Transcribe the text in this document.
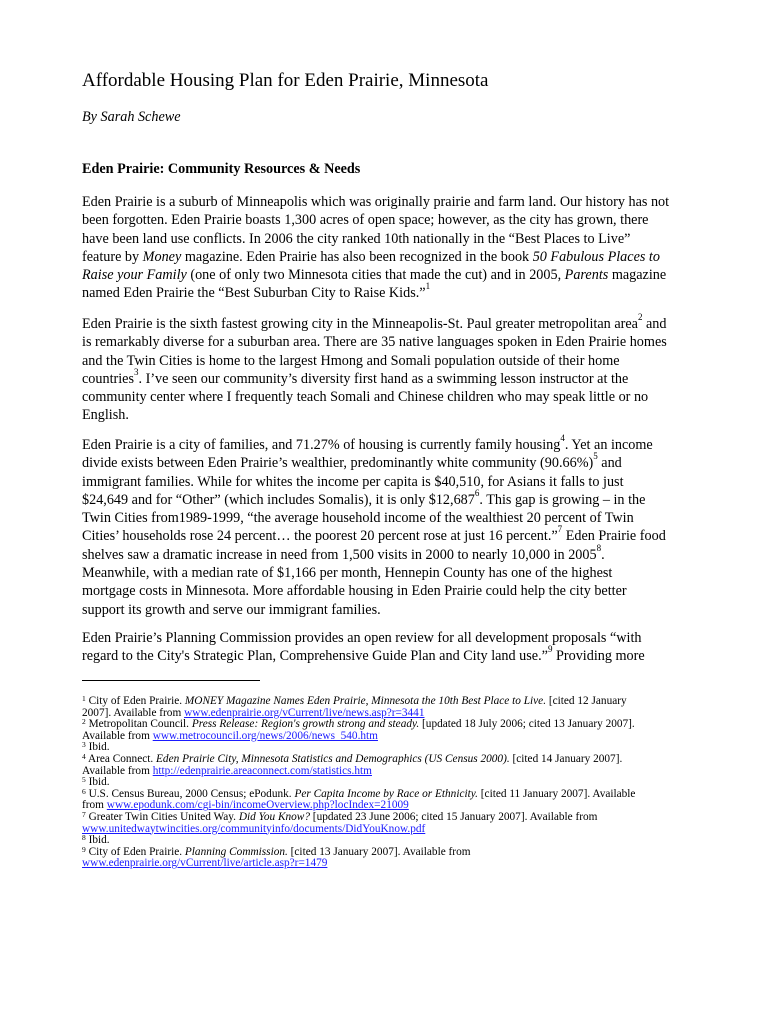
Affordable Housing Plan for Eden Prairie, Minnesota

By Sarah Schewe

Eden Prairie: Community Resources & Needs

Eden Prairie is a suburb of Minneapolis which was originally prairie and farm land. Our history has not
been forgotten. Eden Prairie boasts 1,300 acres of open space; however, as the city has grown, there
have been land use conflicts. In 2006 the city ranked 10th nationally in the “Best Places to Live”
feature by Money magazine. Eden Prairie has also been recognized in the book 50 Fabulous Places to
Raise your Family (one of only two Minnesota cities that made the cut) and in 2005, Parents magazine
named Eden Prairie the “Best Suburban City to Raise Kids.”$^1$

Eden Prairie is the sixth fastest growing city in the Minneapolis-St. Paul greater metropolitan area$^2$ and
is remarkably diverse for a suburban area. There are 35 native languages spoken in Eden Prairie homes
and the Twin Cities is home to the largest Hmong and Somali population outside of their home
countries$^3$. I’ve seen our community’s diversity first hand as a swimming lesson instructor at the
community center where I frequently teach Somali and Chinese children who may speak little or no
English.

Eden Prairie is a city of families, and 71.27% of housing is currently family housing$^4$. Yet an income
divide exists between Eden Prairie’s wealthier, predominantly white community $(90.66\%)^5$ and
immigrant families. While for whites the income per capita is $40,510, for Asians it falls to just
$24,649 and for “Other” (which includes Somalis), it is only $12,687$^6$. This gap is growing – in the
Twin Cities from1989-1999, “the average household income of the wealthiest 20 percent of Twin
Cities’ households rose 24 percent… the poorest 20 percent rose at just 16 percent.”$^7$ Eden Prairie food
shelves saw a dramatic increase in need from 1,500 visits in 2000 to nearly 10,000 in 2005$^8$.
Meanwhile, with a median rate of $1,166 per month, Hennepin County has one of the highest
mortgage costs in Minnesota. More affordable housing in Eden Prairie could help the city better
support its growth and serve our immigrant families.

Eden Prairie’s Planning Commission provides an open review for all development proposals “with
regard to the City's Strategic Plan, Comprehensive Guide Plan and City land use.”$^9$ Providing more

$^1$ City of Eden Prairie. MONEY Magazine Names Eden Prairie, Minnesota the 10th Best Place to Live. [cited 12 January
2007]. Available from www.edenprairie.org/vCurrent/live/news.asp?r=3441
$^2$ Metropolitan Council. Press Release: Region's growth strong and steady. [updated 18 July 2006; cited 13 January 2007].
Available from www.metrocouncil.org/news/2006/news_540.htm
$^3$ Ibid.
$^4$ Area Connect. Eden Prairie City, Minnesota Statistics and Demographics (US Census 2000). [cited 14 January 2007].
Available from http://edenprairie.areaconnect.com/statistics.htm
$^5$ Ibid.
$^6$ U.S. Census Bureau, 2000 Census; ePodunk. Per Capita Income by Race or Ethnicity. [cited 11 January 2007]. Available
from www.epodunk.com/cgi-bin/incomeOverview.php?locIndex=21009
$^7$ Greater Twin Cities United Way. Did You Know? [updated 23 June 2006; cited 15 January 2007]. Available from
www.unitedwaytwincities.org/communityinfo/documents/DidYouKnow.pdf
$^8$ Ibid.
$^9$ City of Eden Prairie. Planning Commission. [cited 13 January 2007]. Available from
www.edenprairie.org/vCurrent/live/article.asp?r=1479
